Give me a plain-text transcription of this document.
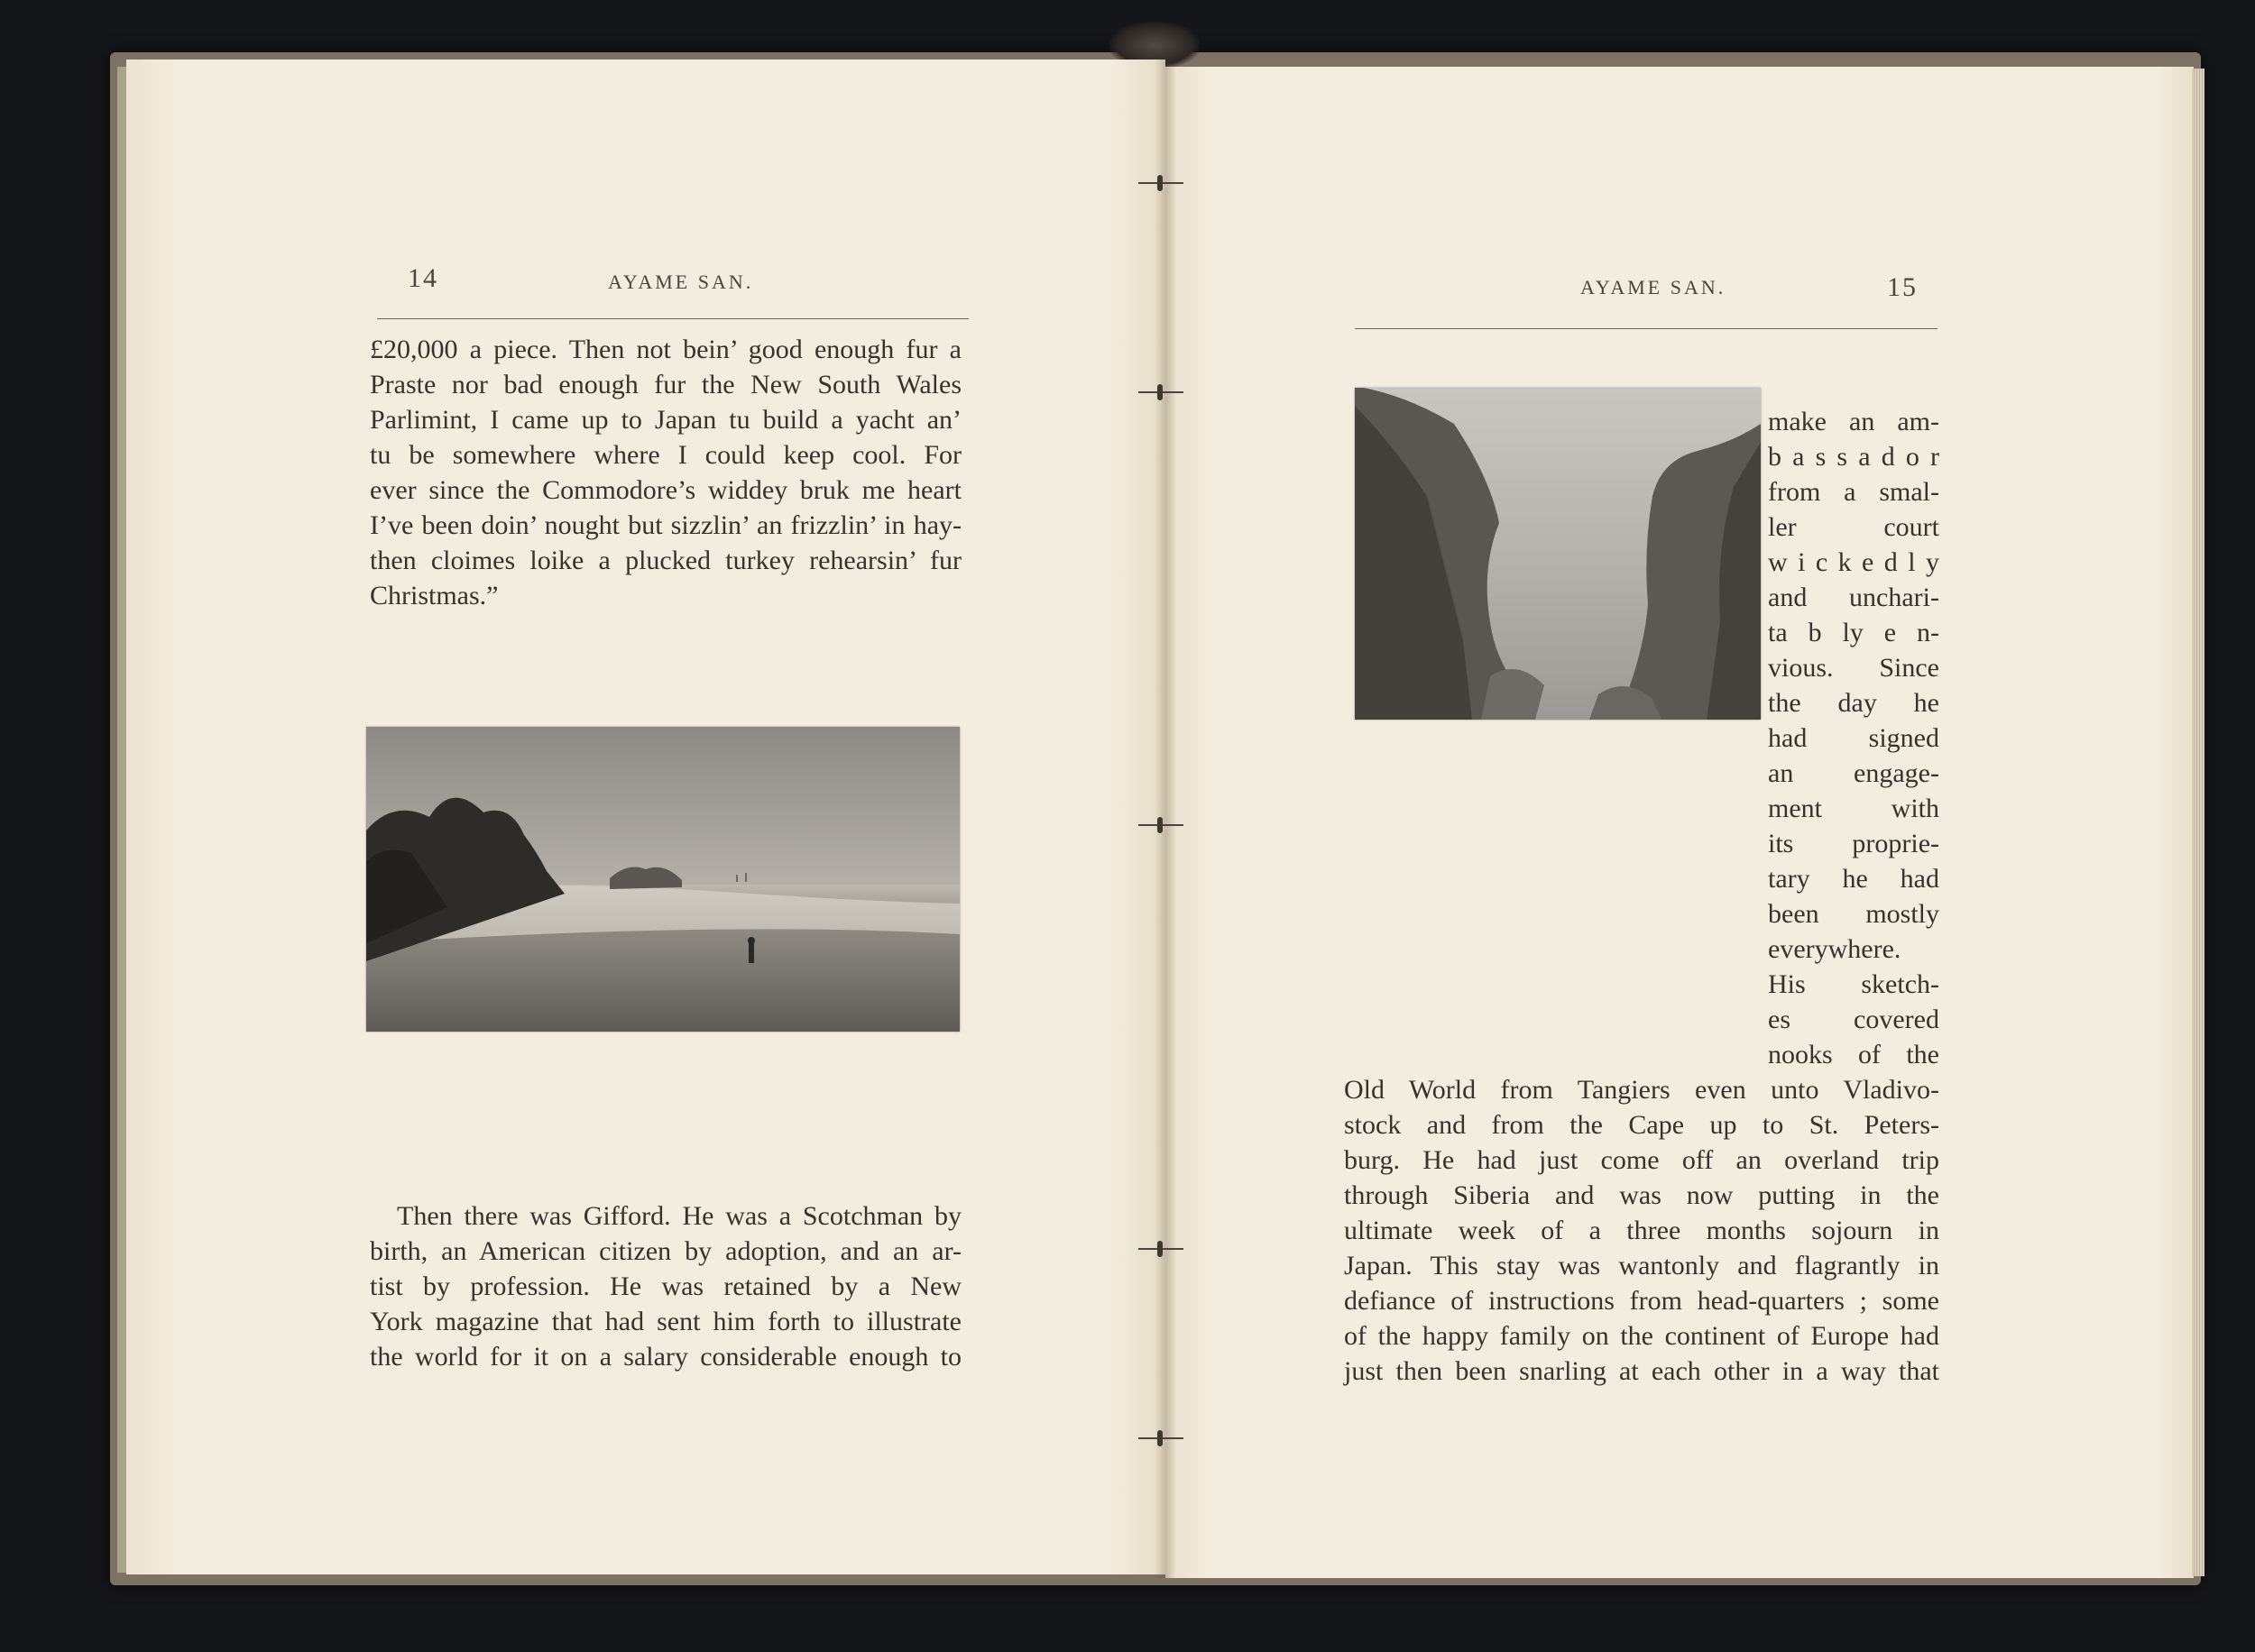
14	AYAME SAN.
£20,000 a piece. Then not bein’ good enough fur a
Praste nor bad enough fur the New South Wales
Parlimint, I came up to Japan tu build a yacht an’
tu be somewhere where I could keep cool. For
ever since the Commodore’s widdey bruk me heart
I’ve been doin’ nought but sizzlin’ an frizzlin’ in hay-
then cloimes loike a plucked turkey rehearsin’ fur
Christmas.”
Then there was Gifford. He was a Scotchman by
birth, an American citizen by adoption, and an ar-
tist by profession. He was retained by a New
York magazine that had sent him forth to illustrate
the world for it on a salary considerable enough to
AYAME SAN.	15
make an am-
b a s s a d o r
from a smal-
ler court
w i c k e d l y
and unchari-
ta b ly e n-
vious. Since
the day he
had signed
an engage-
ment with
its proprie-
tary he had
been mostly
everywhere.
His sketch-
es covered
nooks of the
Old World from Tangiers even unto Vladivo-
stock and from the Cape up to St. Peters-
burg. He had just come off an overland trip
through Siberia and was now putting in the
ultimate week of a three months sojourn in
Japan. This stay was wantonly and flagrantly in
defiance of instructions from head-quarters ; some
of the happy family on the continent of Europe had
just then been snarling at each other in a way that
